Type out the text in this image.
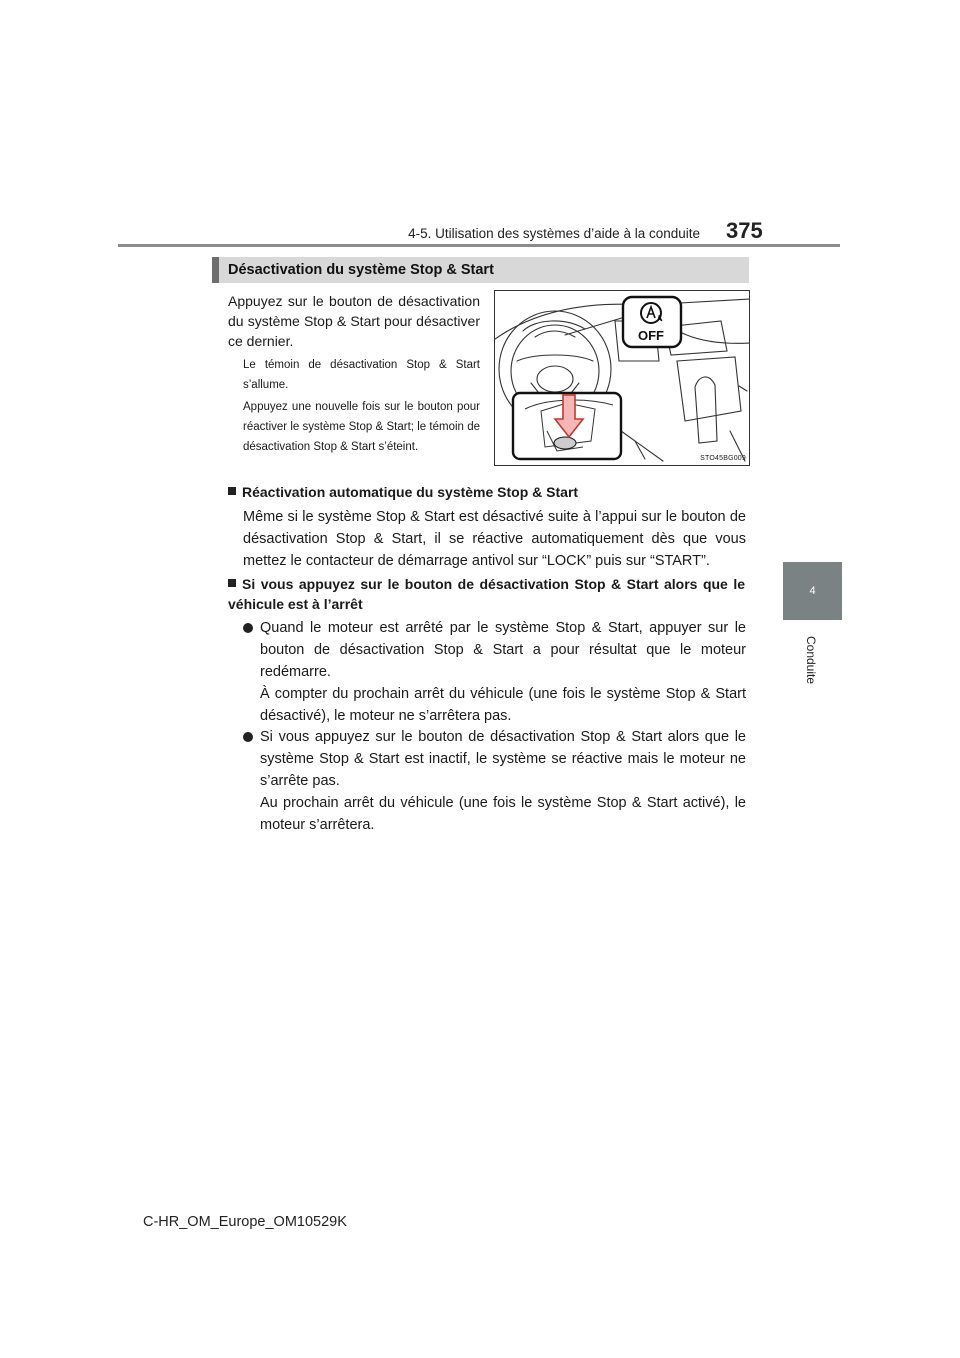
4-5. Utilisation des systèmes d’aide à la conduite 375
4
Conduite
Désactivation du système Stop & Start

Appuyez sur le bouton de désactivation du système Stop & Start pour désactiver ce dernier.

Le témoin de désactivation Stop & Start s’allume.

Appuyez une nouvelle fois sur le bouton pour réactiver le système Stop & Start; le témoin de désactivation Stop & Start s’éteint.

OFF
STO45BG009

Réactivation automatique du système Stop & Start

Même si le système Stop & Start est désactivé suite à l’appui sur le bouton de désactivation Stop & Start, il se réactive automatiquement dès que vous mettez le contacteur de démarrage antivol sur “LOCK” puis sur “START”.

Si vous appuyez sur le bouton de désactivation Stop & Start alors que le véhicule est à l’arrêt

Quand le moteur est arrêté par le système Stop & Start, appuyer sur le bouton de désactivation Stop & Start a pour résultat que le moteur redémarre.

À compter du prochain arrêt du véhicule (une fois le système Stop & Start désactivé), le moteur ne s’arrêtera pas.

Si vous appuyez sur le bouton de désactivation Stop & Start alors que le système Stop & Start est inactif, le système se réactive mais le moteur ne s’arrête pas.

Au prochain arrêt du véhicule (une fois le système Stop & Start activé), le moteur s’arrêtera.

C-HR_OM_Europe_OM10529K
